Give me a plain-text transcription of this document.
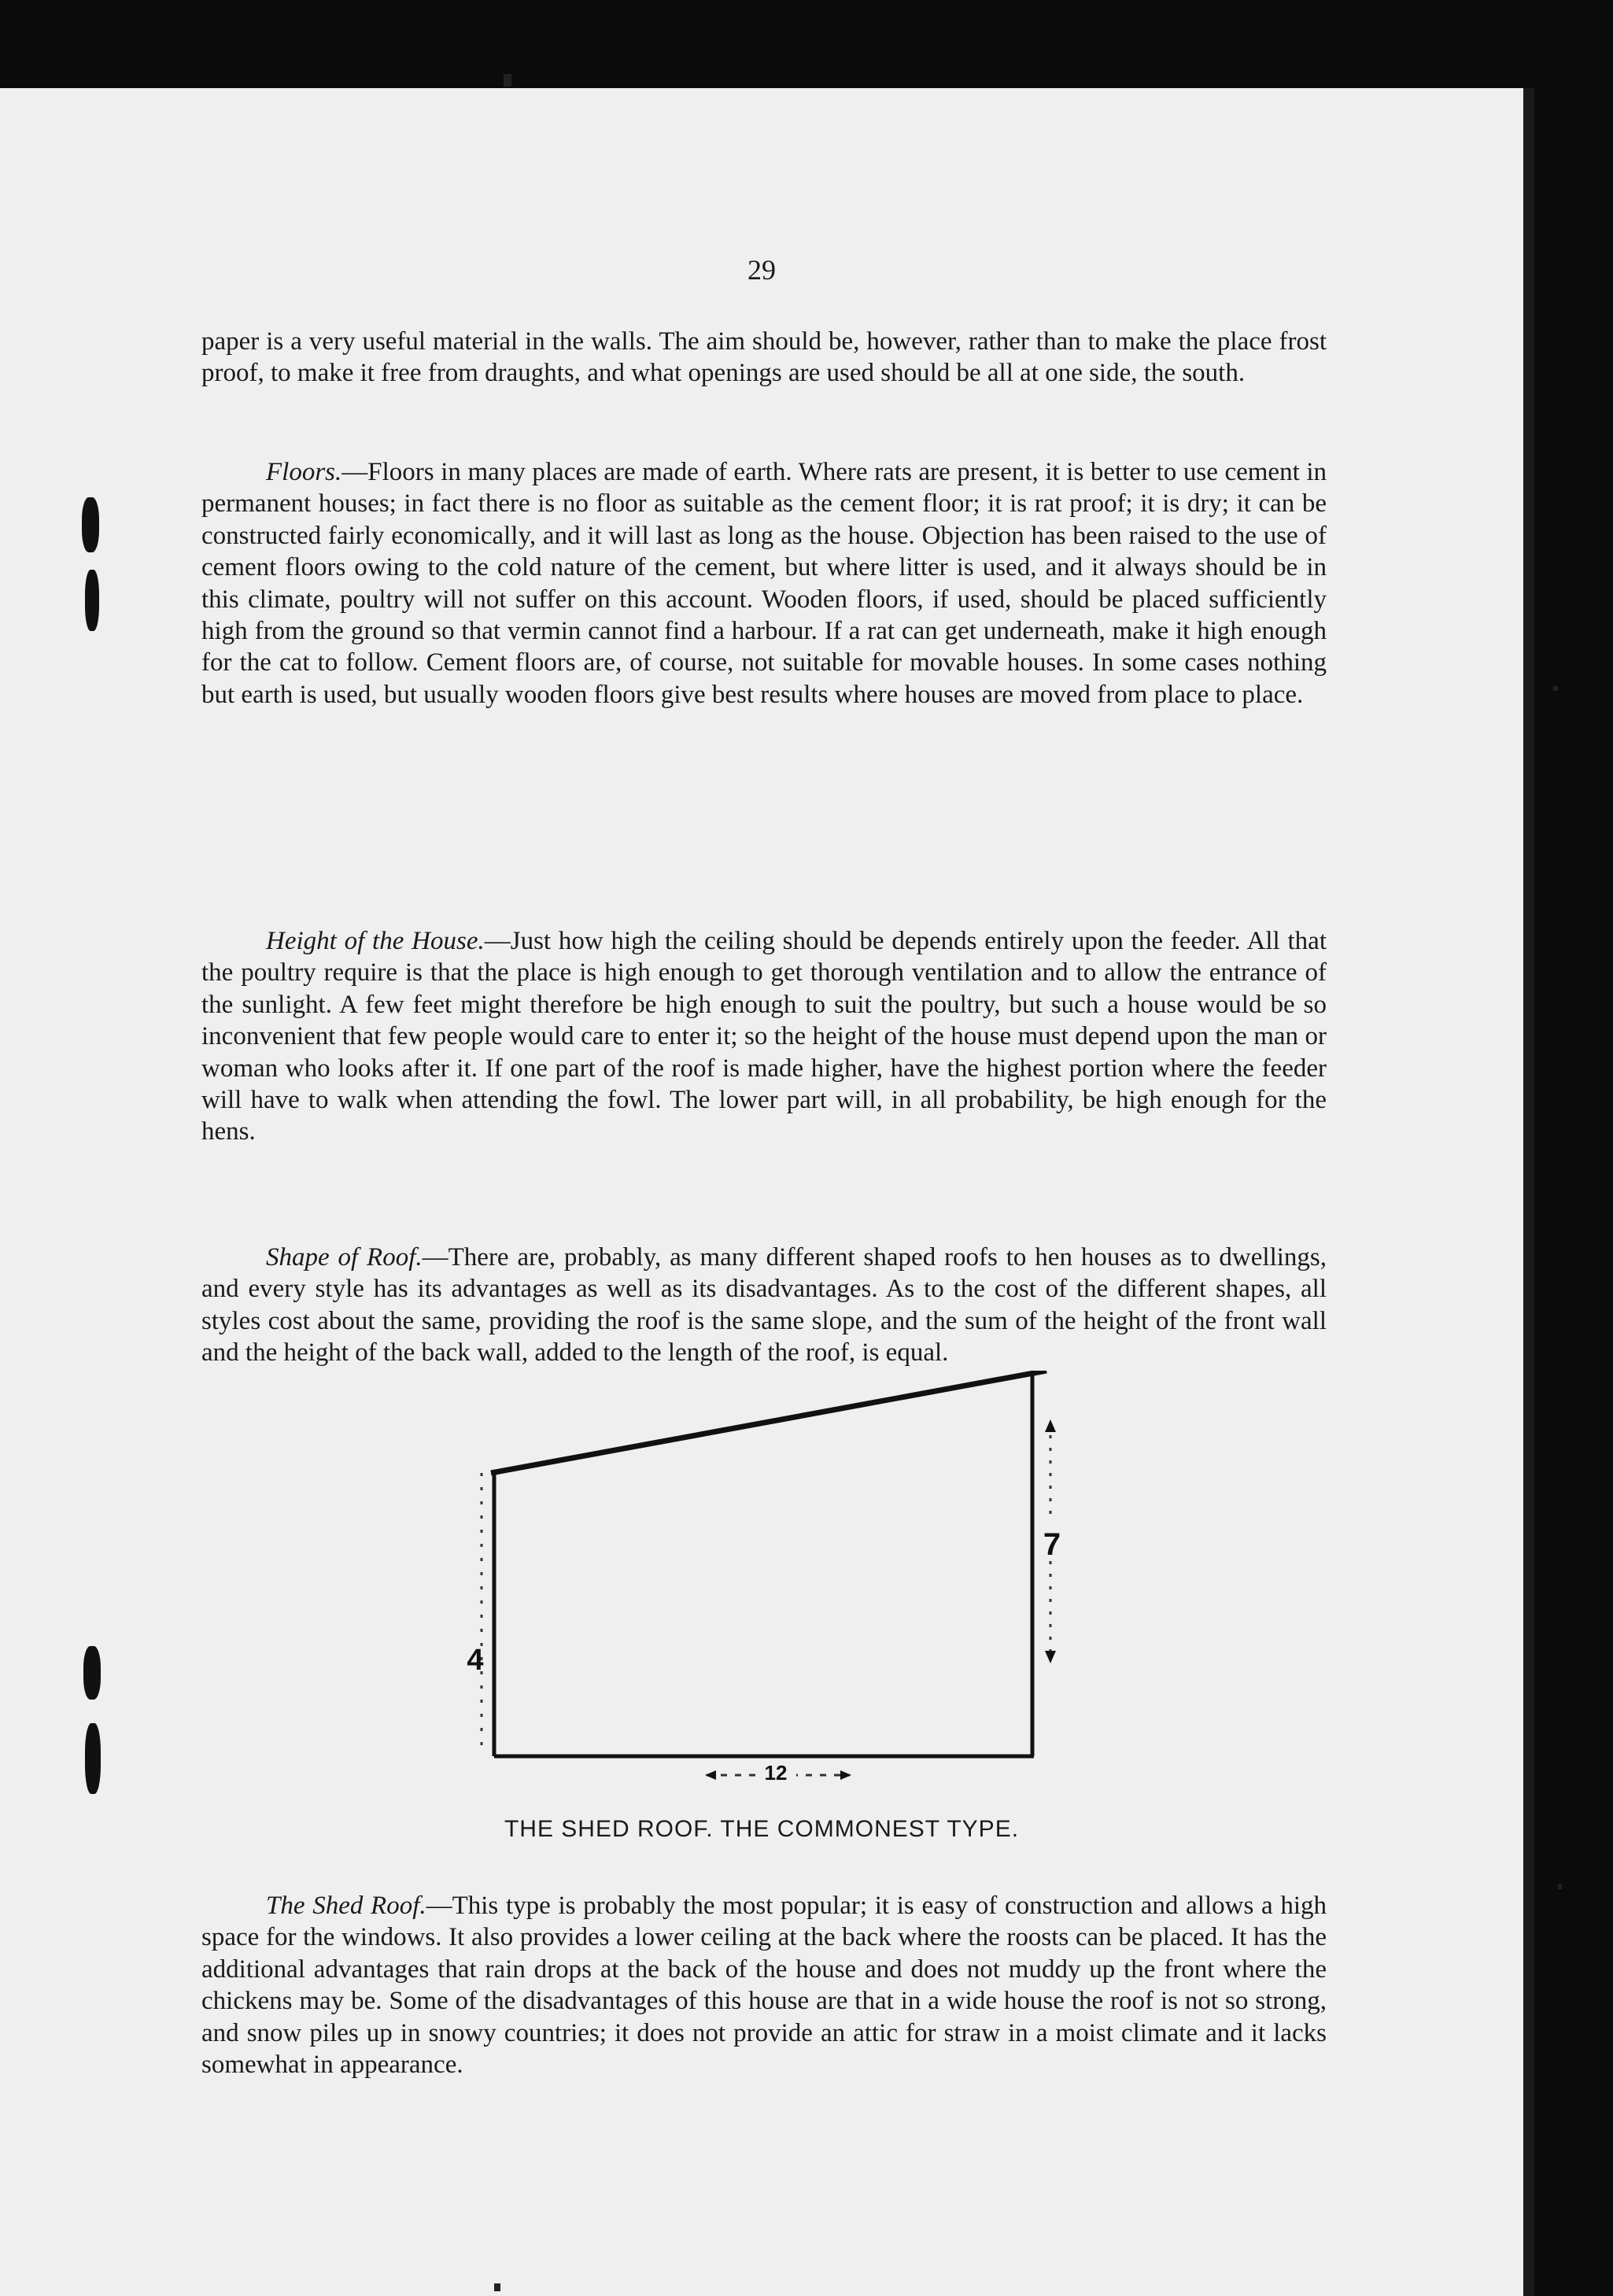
29

paper is a very useful material in the walls. The aim should be, however, rather than to make the place frost proof, to make it free from draughts, and what openings are used should be all at one side, the south.

Floors.—Floors in many places are made of earth. Where rats are present, it is better to use cement in permanent houses; in fact there is no floor as suitable as the cement floor; it is rat proof; it is dry; it can be constructed fairly economically, and it will last as long as the house. Objection has been raised to the use of cement floors owing to the cold nature of the cement, but where litter is used, and it always should be in this climate, poultry will not suffer on this account. Wooden floors, if used, should be placed sufficiently high from the ground so that vermin cannot find a harbour. If a rat can get underneath, make it high enough for the cat to follow. Cement floors are, of course, not suitable for movable houses. In some cases nothing but earth is used, but usually wooden floors give best results where houses are moved from place to place.

Height of the House.—Just how high the ceiling should be depends entirely upon the feeder. All that the poultry require is that the place is high enough to get thorough ventilation and to allow the entrance of the sunlight. A few feet might therefore be high enough to suit the poultry, but such a house would be so inconvenient that few people would care to enter it; so the height of the house must depend upon the man or woman who looks after it. If one part of the roof is made higher, have the highest portion where the feeder will have to walk when attending the fowl. The lower part will, in all probability, be high enough for the hens.

Shape of Roof.—There are, probably, as many different shaped roofs to hen houses as to dwellings, and every style has its advantages as well as its disadvantages. As to the cost of the different shapes, all styles cost about the same, providing the roof is the same slope, and the sum of the height of the front wall and the height of the back wall, added to the length of the roof, is equal.

4
7
12
THE SHED ROOF. THE COMMONEST TYPE.

The Shed Roof.—This type is probably the most popular; it is easy of construction and allows a high space for the windows. It also provides a lower ceiling at the back where the roosts can be placed. It has the additional advantages that rain drops at the back of the house and does not muddy up the front where the chickens may be. Some of the disadvantages of this house are that in a wide house the roof is not so strong, and snow piles up in snowy countries; it does not provide an attic for straw in a moist climate and it lacks somewhat in appearance.
